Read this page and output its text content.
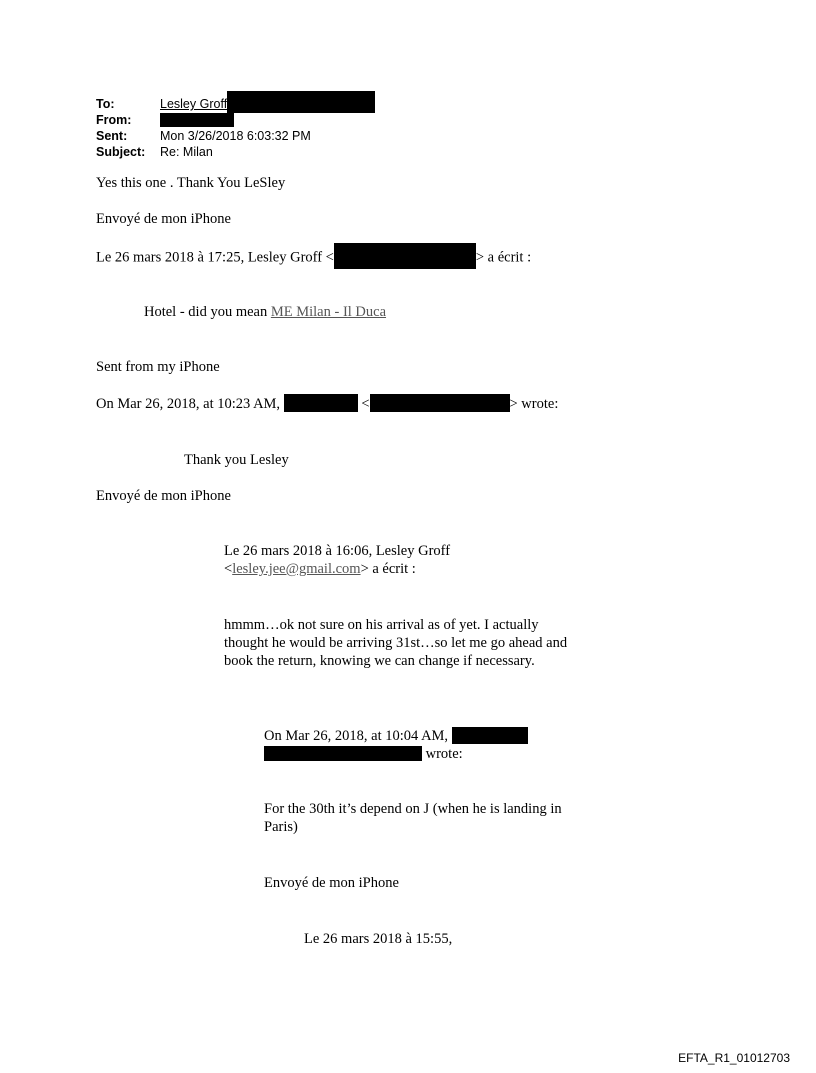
To:	Lesley Groff
From:
Sent:	Mon 3/26/2018 6:03:32 PM
Subject: Re: Milan
Yes this one . Thank You LeSley
Envoyé de mon iPhone
Le 26 mars 2018 à 17:25, Lesley Groff <	> a écrit :
Hotel - did you mean ME Milan - Il Duca
Sent from my iPhone
On Mar 26, 2018, at 10:23 AM,	<	> wrote:
Thank you Lesley
Envoyé de mon iPhone
Le 26 mars 2018 à 16:06, Lesley Groff
<lesley.jee@gmail.com> a écrit :
hmmm…ok not sure on his arrival as of yet. I actually thought he would be arriving 31st…so let me go ahead and book the return, knowing we can change if necessary.
On Mar 26, 2018, at 10:04 AM,
wrote:
For the 30th it’s depend on J (when he is landing in Paris)
Envoyé de mon iPhone
Le 26 mars 2018 à 15:55,
EFTA_R1_01012703
